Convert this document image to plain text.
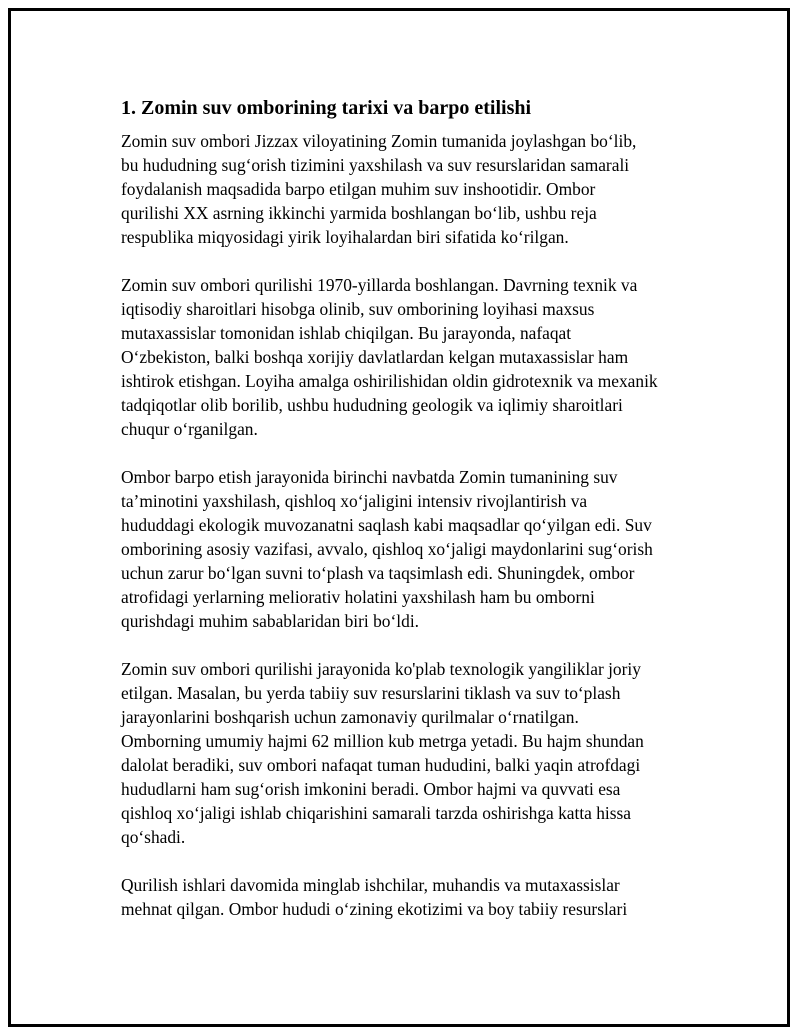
1. Zomin suv omborining tarixi va barpo etilishi
Zomin suv ombori Jizzax viloyatining Zomin tumanida joylashgan bo‘lib,
bu hududning sug‘orish tizimini yaxshilash va suv resurslaridan samarali
foydalanish maqsadida barpo etilgan muhim suv inshootidir. Ombor
qurilishi XX asrning ikkinchi yarmida boshlangan bo‘lib, ushbu reja
respublika miqyosidagi yirik loyihalardan biri sifatida ko‘rilgan.
Zomin suv ombori qurilishi 1970-yillarda boshlangan. Davrning texnik va
iqtisodiy sharoitlari hisobga olinib, suv omborining loyihasi maxsus
mutaxassislar tomonidan ishlab chiqilgan. Bu jarayonda, nafaqat
O‘zbekiston, balki boshqa xorijiy davlatlardan kelgan mutaxassislar ham
ishtirok etishgan. Loyiha amalga oshirilishidan oldin gidrotexnik va mexanik
tadqiqotlar olib borilib, ushbu hududning geologik va iqlimiy sharoitlari
chuqur o‘rganilgan.
Ombor barpo etish jarayonida birinchi navbatda Zomin tumanining suv
ta’minotini yaxshilash, qishloq xo‘jaligini intensiv rivojlantirish va
hududdagi ekologik muvozanatni saqlash kabi maqsadlar qo‘yilgan edi. Suv
omborining asosiy vazifasi, avvalo, qishloq xo‘jaligi maydonlarini sug‘orish
uchun zarur bo‘lgan suvni to‘plash va taqsimlash edi. Shuningdek, ombor
atrofidagi yerlarning meliorativ holatini yaxshilash ham bu omborni
qurishdagi muhim sabablaridan biri bo‘ldi.
Zomin suv ombori qurilishi jarayonida ko'plab texnologik yangiliklar joriy
etilgan. Masalan, bu yerda tabiiy suv resurslarini tiklash va suv to‘plash
jarayonlarini boshqarish uchun zamonaviy qurilmalar o‘rnatilgan.
Omborning umumiy hajmi 62 million kub metrga yetadi. Bu hajm shundan
dalolat beradiki, suv ombori nafaqat tuman hududini, balki yaqin atrofdagi
hududlarni ham sug‘orish imkonini beradi. Ombor hajmi va quvvati esa
qishloq xo‘jaligi ishlab chiqarishini samarali tarzda oshirishga katta hissa
qo‘shadi.
Qurilish ishlari davomida minglab ishchilar, muhandis va mutaxassislar
mehnat qilgan. Ombor hududi o‘zining ekotizimi va boy tabiiy resurslari
